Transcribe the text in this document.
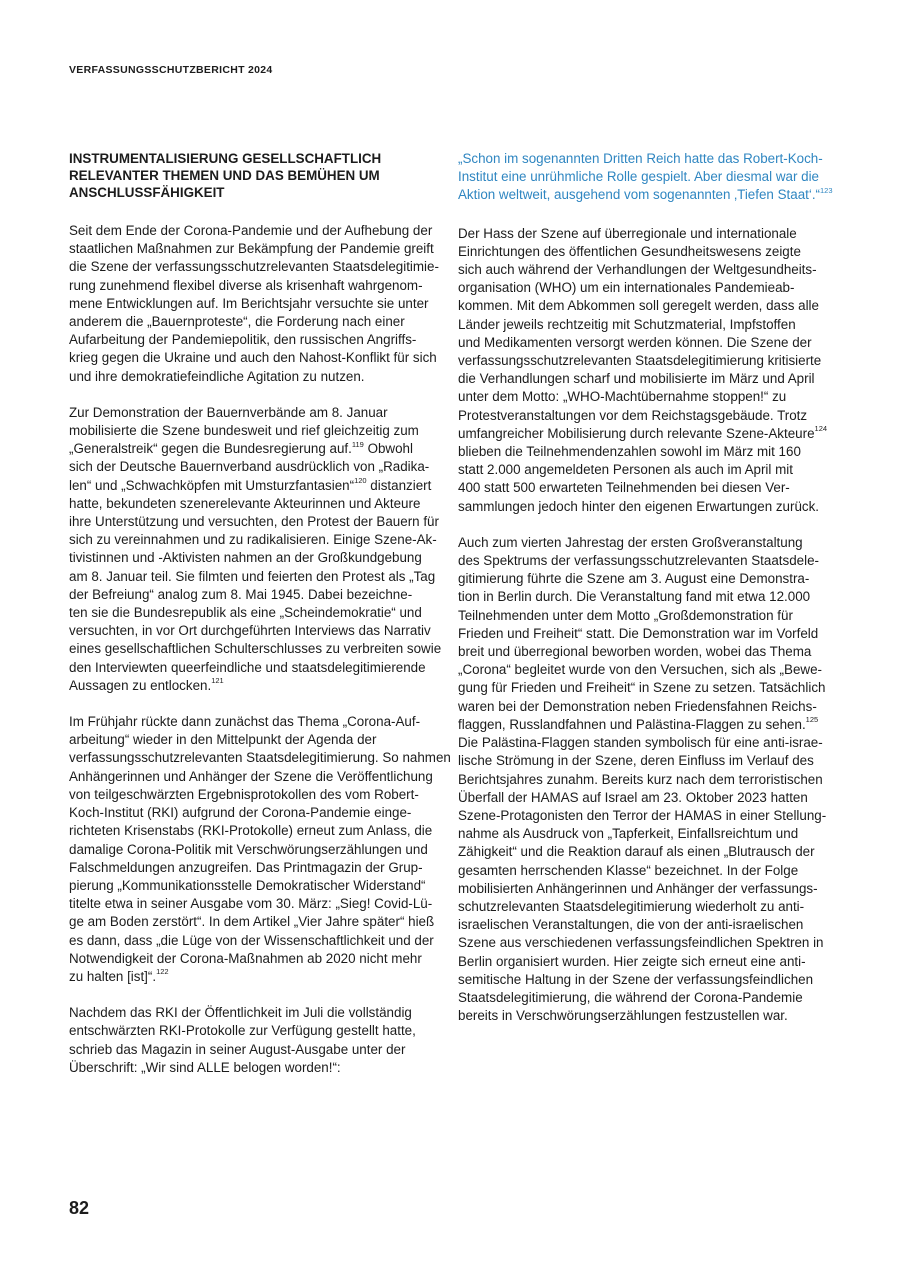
VERFASSUNGSSCHUTZBERICHT 2024
INSTRUMENTALISIERUNG GESELLSCHAFTLICH
RELEVANTER THEMEN UND DAS BEMÜHEN UM
ANSCHLUSSFÄHIGKEIT

Seit dem Ende der Corona-Pandemie und der Aufhebung der
staatlichen Maßnahmen zur Bekämpfung der Pandemie greift
die Szene der verfassungsschutzrelevanten Staatsdelegitimie-
rung zunehmend flexibel diverse als krisenhaft wahrgenom-
mene Entwicklungen auf. Im Berichtsjahr versuchte sie unter
anderem die „Bauernproteste“, die Forderung nach einer
Aufarbeitung der Pandemiepolitik, den russischen Angriffs-
krieg gegen die Ukraine und auch den Nahost-Konflikt für sich
und ihre demokratiefeindliche Agitation zu nutzen.

Zur Demonstration der Bauernverbände am 8. Januar
mobilisierte die Szene bundesweit und rief gleichzeitig zum
„Generalstreik“ gegen die Bundesregierung auf.$^{119}$ Obwohl
sich der Deutsche Bauernverband ausdrücklich von „Radika-
len“ und „Schwachköpfen mit Umsturzfantasien“$^{120}$ distanziert
hatte, bekundeten szenerelevante Akteurinnen und Akteure
ihre Unterstützung und versuchten, den Protest der Bauern für
sich zu vereinnahmen und zu radikalisieren. Einige Szene-Ak-
tivistinnen und -Aktivisten nahmen an der Großkundgebung
am 8. Januar teil. Sie filmten und feierten den Protest als „Tag
der Befreiung“ analog zum 8. Mai 1945. Dabei bezeichne-
ten sie die Bundesrepublik als eine „Scheindemokratie“ und
versuchten, in vor Ort durchgeführten Interviews das Narrativ
eines gesellschaftlichen Schulterschlusses zu verbreiten sowie
den Interviewten queerfeindliche und staatsdelegitimierende
Aussagen zu entlocken.$^{121}$

Im Frühjahr rückte dann zunächst das Thema „Corona-Auf-
arbeitung“ wieder in den Mittelpunkt der Agenda der
verfassungsschutzrelevanten Staatsdelegitimierung. So nahmen
Anhängerinnen und Anhänger der Szene die Veröffentlichung
von teilgeschwärzten Ergebnisprotokollen des vom Robert-
Koch-Institut (RKI) aufgrund der Corona-Pandemie einge-
richteten Krisenstabs (RKI-Protokolle) erneut zum Anlass, die
damalige Corona-Politik mit Verschwörungserzählungen und
Falschmeldungen anzugreifen. Das Printmagazin der Grup-
pierung „Kommunikationsstelle Demokratischer Widerstand“
titelte etwa in seiner Ausgabe vom 30. März: „Sieg! Covid-Lü-
ge am Boden zerstört“. In dem Artikel „Vier Jahre später“ hieß
es dann, dass „die Lüge von der Wissenschaftlichkeit und der
Notwendigkeit der Corona-Maßnahmen ab 2020 nicht mehr
zu halten [ist]“.$^{122}$

Nachdem das RKI der Öffentlichkeit im Juli die vollständig
entschwärzten RKI-Protokolle zur Verfügung gestellt hatte,
schrieb das Magazin in seiner August-Ausgabe unter der
Überschrift: „Wir sind ALLE belogen worden!“:

„Schon im sogenannten Dritten Reich hatte das Robert-Koch-
Institut eine unrühmliche Rolle gespielt. Aber diesmal war die
Aktion weltweit, ausgehend vom sogenannten ‚Tiefen Staat‘.“$^{123}$

Der Hass der Szene auf überregionale und internationale
Einrichtungen des öffentlichen Gesundheitswesens zeigte
sich auch während der Verhandlungen der Weltgesundheits-
organisation (WHO) um ein internationales Pandemieab-
kommen. Mit dem Abkommen soll geregelt werden, dass alle
Länder jeweils rechtzeitig mit Schutzmaterial, Impfstoffen
und Medikamenten versorgt werden können. Die Szene der
verfassungsschutzrelevanten Staatsdelegitimierung kritisierte
die Verhandlungen scharf und mobilisierte im März und April
unter dem Motto: „WHO-Machtübernahme stoppen!“ zu
Protestveranstaltungen vor dem Reichstagsgebäude. Trotz
umfangreicher Mobilisierung durch relevante Szene-Akteure$^{124}$
blieben die Teilnehmendenzahlen sowohl im März mit 160
statt 2.000 angemeldeten Personen als auch im April mit
400 statt 500 erwarteten Teilnehmenden bei diesen Ver-
sammlungen jedoch hinter den eigenen Erwartungen zurück.

Auch zum vierten Jahrestag der ersten Großveranstaltung
des Spektrums der verfassungsschutzrelevanten Staatsdele-
gitimierung führte die Szene am 3. August eine Demonstra-
tion in Berlin durch. Die Veranstaltung fand mit etwa 12.000
Teilnehmenden unter dem Motto „Großdemonstration für
Frieden und Freiheit“ statt. Die Demonstration war im Vorfeld
breit und überregional beworben worden, wobei das Thema
„Corona“ begleitet wurde von den Versuchen, sich als „Bewe-
gung für Frieden und Freiheit“ in Szene zu setzen. Tatsächlich
waren bei der Demonstration neben Friedensfahnen Reichs-
flaggen, Russlandfahnen und Palästina-Flaggen zu sehen.$^{125}$
Die Palästina-Flaggen standen symbolisch für eine anti-israe-
lische Strömung in der Szene, deren Einfluss im Verlauf des
Berichtsjahres zunahm. Bereits kurz nach dem terroristischen
Überfall der HAMAS auf Israel am 23. Oktober 2023 hatten
Szene-Protagonisten den Terror der HAMAS in einer Stellung-
nahme als Ausdruck von „Tapferkeit, Einfallsreichtum und
Zähigkeit“ und die Reaktion darauf als einen „Blutrausch der
gesamten herrschenden Klasse“ bezeichnet. In der Folge
mobilisierten Anhängerinnen und Anhänger der verfassungs-
schutzrelevanten Staatsdelegitimierung wiederholt zu anti-
israelischen Veranstaltungen, die von der anti-israelischen
Szene aus verschiedenen verfassungsfeindlichen Spektren in
Berlin organisiert wurden. Hier zeigte sich erneut eine anti-
semitische Haltung in der Szene der verfassungsfeindlichen
Staatsdelegitimierung, die während der Corona-Pandemie
bereits in Verschwörungserzählungen festzustellen war.

82
